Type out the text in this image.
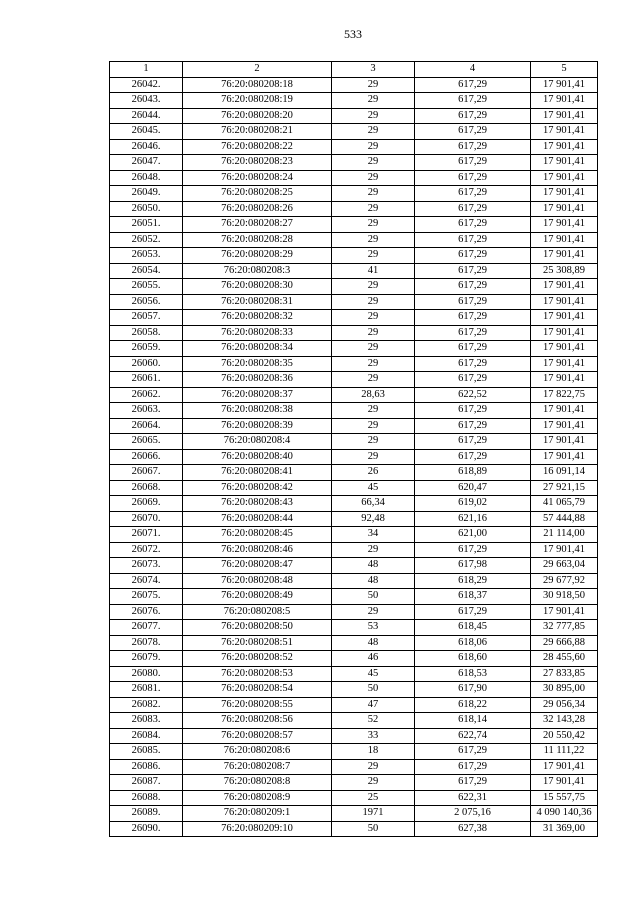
533
1	2	3	4	5
26042.	76:20:080208:18	29	617,29	17 901,41
26043.	76:20:080208:19	29	617,29	17 901,41
26044.	76:20:080208:20	29	617,29	17 901,41
26045.	76:20:080208:21	29	617,29	17 901,41
26046.	76:20:080208:22	29	617,29	17 901,41
26047.	76:20:080208:23	29	617,29	17 901,41
26048.	76:20:080208:24	29	617,29	17 901,41
26049.	76:20:080208:25	29	617,29	17 901,41
26050.	76:20:080208:26	29	617,29	17 901,41
26051.	76:20:080208:27	29	617,29	17 901,41
26052.	76:20:080208:28	29	617,29	17 901,41
26053.	76:20:080208:29	29	617,29	17 901,41
26054.	76:20:080208:3	41	617,29	25 308,89
26055.	76:20:080208:30	29	617,29	17 901,41
26056.	76:20:080208:31	29	617,29	17 901,41
26057.	76:20:080208:32	29	617,29	17 901,41
26058.	76:20:080208:33	29	617,29	17 901,41
26059.	76:20:080208:34	29	617,29	17 901,41
26060.	76:20:080208:35	29	617,29	17 901,41
26061.	76:20:080208:36	29	617,29	17 901,41
26062.	76:20:080208:37	28,63	622,52	17 822,75
26063.	76:20:080208:38	29	617,29	17 901,41
26064.	76:20:080208:39	29	617,29	17 901,41
26065.	76:20:080208:4	29	617,29	17 901,41
26066.	76:20:080208:40	29	617,29	17 901,41
26067.	76:20:080208:41	26	618,89	16 091,14
26068.	76:20:080208:42	45	620,47	27 921,15
26069.	76:20:080208:43	66,34	619,02	41 065,79
26070.	76:20:080208:44	92,48	621,16	57 444,88
26071.	76:20:080208:45	34	621,00	21 114,00
26072.	76:20:080208:46	29	617,29	17 901,41
26073.	76:20:080208:47	48	617,98	29 663,04
26074.	76:20:080208:48	48	618,29	29 677,92
26075.	76:20:080208:49	50	618,37	30 918,50
26076.	76:20:080208:5	29	617,29	17 901,41
26077.	76:20:080208:50	53	618,45	32 777,85
26078.	76:20:080208:51	48	618,06	29 666,88
26079.	76:20:080208:52	46	618,60	28 455,60
26080.	76:20:080208:53	45	618,53	27 833,85
26081.	76:20:080208:54	50	617,90	30 895,00
26082.	76:20:080208:55	47	618,22	29 056,34
26083.	76:20:080208:56	52	618,14	32 143,28
26084.	76:20:080208:57	33	622,74	20 550,42
26085.	76:20:080208:6	18	617,29	11 111,22
26086.	76:20:080208:7	29	617,29	17 901,41
26087.	76:20:080208:8	29	617,29	17 901,41
26088.	76:20:080208:9	25	622,31	15 557,75
26089.	76:20:080209:1	1971	2 075,16	4 090 140,36
26090.	76:20:080209:10	50	627,38	31 369,00
